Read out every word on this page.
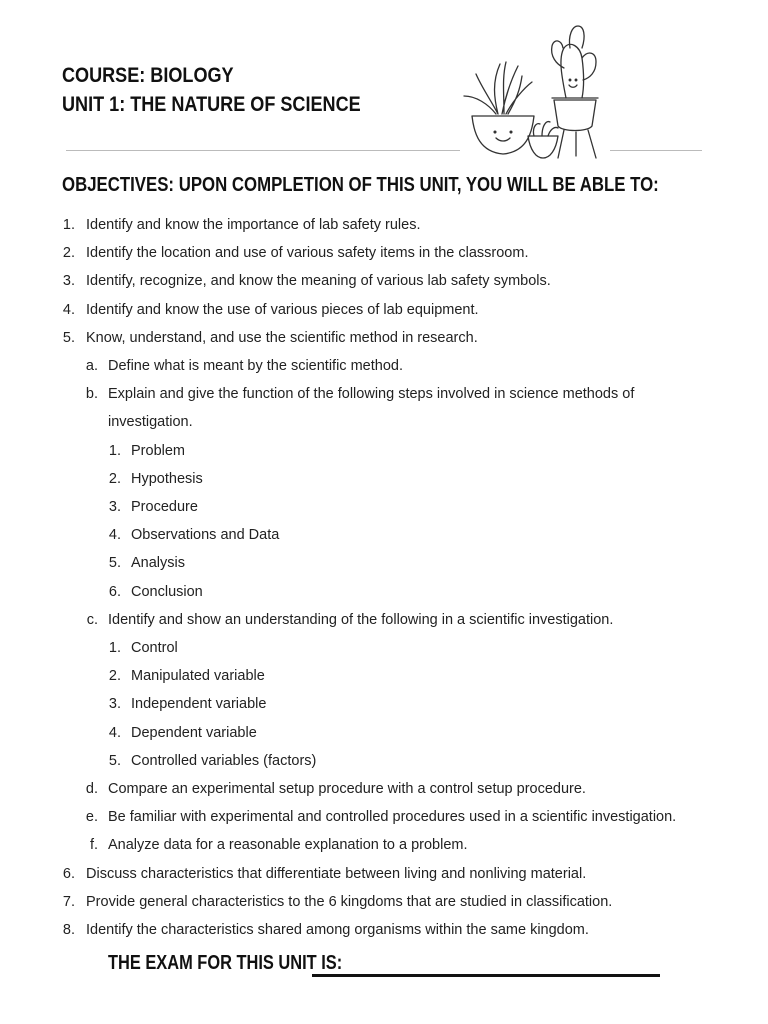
COURSE: BIOLOGY
UNIT 1: THE NATURE OF SCIENCE
OBJECTIVES: UPON COMPLETION OF THIS UNIT, YOU WILL BE ABLE TO:
1. Identify and know the importance of lab safety rules.
2. Identify the location and use of various safety items in the classroom.
3. Identify, recognize, and know the meaning of various lab safety symbols.
4. Identify and know the use of various pieces of lab equipment.
5. Know, understand, and use the scientific method in research.
a. Define what is meant by the scientific method.
b. Explain and give the function of the following steps involved in science methods of
investigation.
1. Problem
2. Hypothesis
3. Procedure
4. Observations and Data
5. Analysis
6. Conclusion
c. Identify and show an understanding of the following in a scientific investigation.
1. Control
2. Manipulated variable
3. Independent variable
4. Dependent variable
5. Controlled variables (factors)
d. Compare an experimental setup procedure with a control setup procedure.
e. Be familiar with experimental and controlled procedures used in a scientific investigation.
f. Analyze data for a reasonable explanation to a problem.
6. Discuss characteristics that differentiate between living and nonliving material.
7. Provide general characteristics to the 6 kingdoms that are studied in classification.
8. Identify the characteristics shared among organisms within the same kingdom.
THE EXAM FOR THIS UNIT IS:
